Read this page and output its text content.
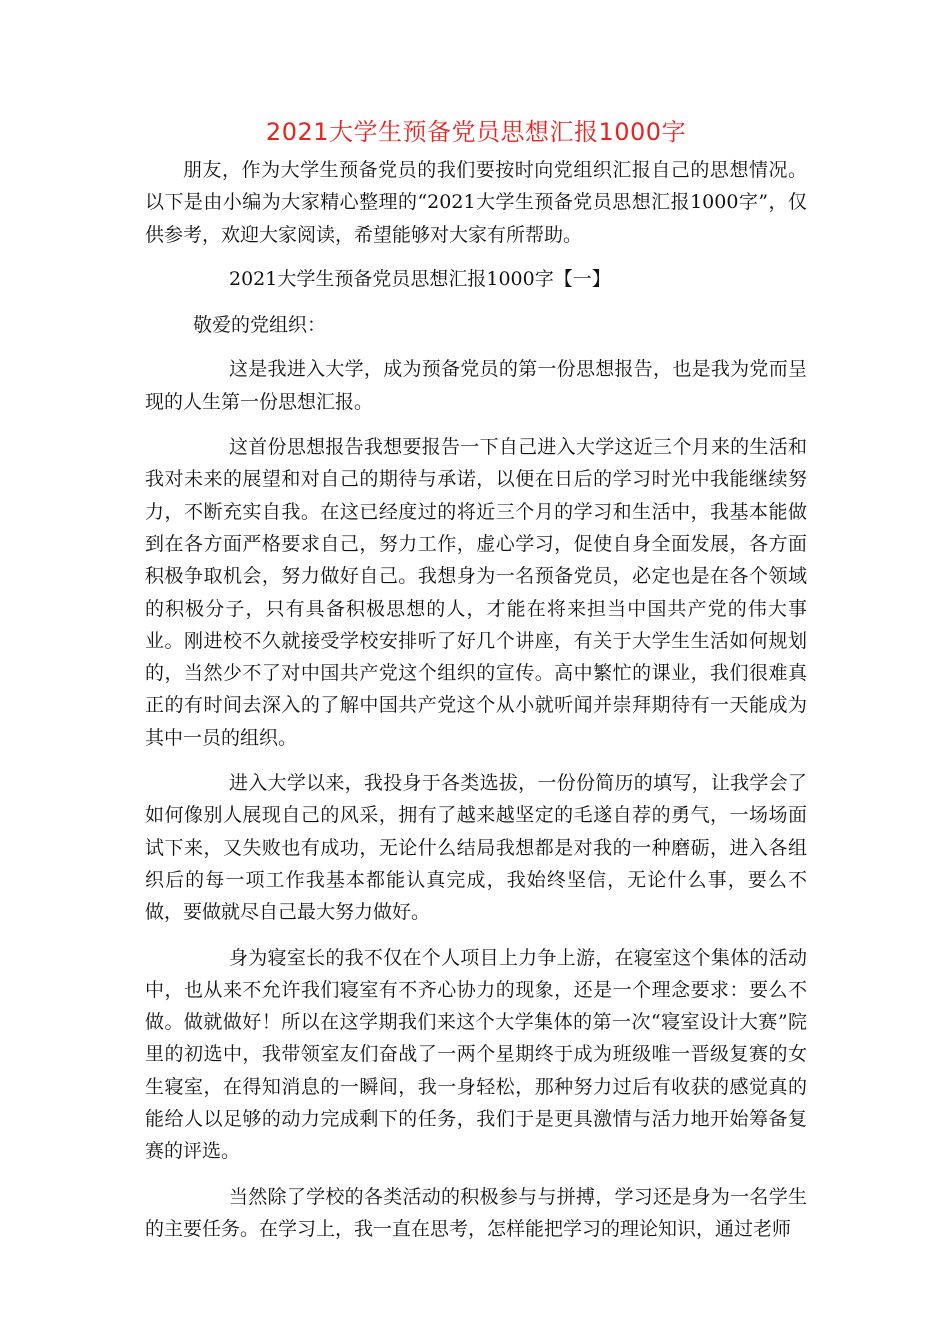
2021大学生预备党员思想汇报1000字

朋友，作为大学生预备党员的我们要按时向党组织汇报自己的思想情况。以下是由小编为大家精心整理的“2021大学生预备党员思想汇报1000字”，仅供参考，欢迎大家阅读，希望能够对大家有所帮助。

2021大学生预备党员思想汇报1000字【一】

敬爱的党组织：

这是我进入大学，成为预备党员的第一份思想报告，也是我为党而呈现的人生第一份思想汇报。

这首份思想报告我想要报告一下自己进入大学这近三个月来的生活和我对未来的展望和对自己的期待与承诺，以便在日后的学习时光中我能继续努力，不断充实自我。在这已经度过的将近三个月的学习和生活中，我基本能做到在各方面严格要求自己，努力工作，虚心学习，促使自身全面发展，各方面积极争取机会，努力做好自己。我想身为一名预备党员，必定也是在各个领域的积极分子，只有具备积极思想的人，才能在将来担当中国共产党的伟大事业。刚进校不久就接受学校安排听了好几个讲座，有关于大学生生活如何规划的，当然少不了对中国共产党这个组织的宣传。高中繁忙的课业，我们很难真正的有时间去深入的了解中国共产党这个从小就听闻并崇拜期待有一天能成为其中一员的组织。

进入大学以来，我投身于各类选拔，一份份简历的填写，让我学会了如何像别人展现自己的风采，拥有了越来越坚定的毛遂自荐的勇气，一场场面试下来，又失败也有成功，无论什么结局我想都是对我的一种磨砺，进入各组织后的每一项工作我基本都能认真完成，我始终坚信，无论什么事，要么不做，要做就尽自己最大努力做好。

身为寝室长的我不仅在个人项目上力争上游，在寝室这个集体的活动中，也从来不允许我们寝室有不齐心协力的现象，还是一个理念要求：要么不做。做就做好！所以在这学期我们来这个大学集体的第一次“寝室设计大赛”院里的初选中，我带领室友们奋战了一两个星期终于成为班级唯一晋级复赛的女生寝室，在得知消息的一瞬间，我一身轻松，那种努力过后有收获的感觉真的能给人以足够的动力完成剩下的任务，我们于是更具激情与活力地开始筹备复赛的评选。

当然除了学校的各类活动的积极参与与拼搏，学习还是身为一名学生的主要任务。在学习上，我一直在思考，怎样能把学习的理论知识，通过老师
